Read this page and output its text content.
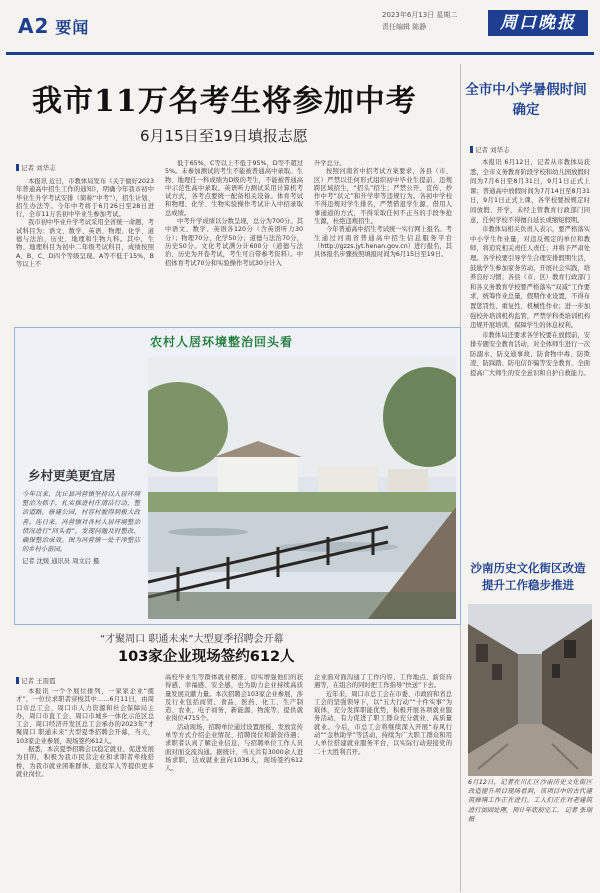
A2 要闻
2023年6月13日 星期二
责任编辑 陈静	周口晚报
我市11万名考生将参加中考
6月15日至19日填报志愿
记者 刘华志

本报讯 近日，市教体局发布《关于做好2023年普通高中招生工作的通知》，明确今年我市初中毕业生升学考试安排（简称“中考”），招生计划、招生办法等。今年中考将于6月26日至28日进行，全市11万名初中毕业生参加考试。

我市初中毕业升学考试采用全省统一命题，考试科目为：语文、数学、英语、物理、化学、道德与法治、历史、地理和生物九科。其中，生物、地理科目为初中二年级考试科目，成绩按照A、B、C、D四个等级呈现。A等不低于15%，B等以上不

低于65%，C等以上不低于95%，D等不超过5%。未参加测试的考生不能被普通高中录取。生物、地理任一科成绩为D级的考生，不能被普通高中示范性高中录取。英语听力测试采用计算机考试方式，各考点要统一配备相关设备。体育考试和物理、化学、生物实验操作考试计入中招录取总成绩。

中考升学成绩以分数呈现，总分为700分。其中语文、数学、英语各120分（含英语听力30分）；物理70分，化学50分；道德与法治70分，历史50分。文化考试满分计600分（道德与法治、历史为开卷考试，考生可自带参考资料）。中招体育考试70分和实验操作考试30分计入

升学总分。

按照河南省中招考试方案要求，各县（市、区）严禁以任何形式组织初中毕业生提前、违规跨区域招生，“招头”招生；严禁公开、宣传、炒作中考“状元”和升学率等违规行为。各初中学校不得违规对学生排名，严禁借退学生源、借用人事通道的方式，不得采取任何不正当的手段争抢生源，杜绝违规招生。

今年普通高中招生考试统一实行网上报名。考生通过河南省普通高中招生信息服务平台（http://gzzs.jyt.henan.gov.cn）进行报名，其具体报名步骤按照填报时间为6月15日至19日。

全市中小学暑假时间确定
记者 刘华志

本报讯 6月12日，记者从市教体局获悉，全市义务教育阶段学校和幼儿园放假时间为7月6日至8月31日，9月1日正式上课；普通高中放假时间为7月14日至8月31日，9月1日正式上课，各学校要按规定时间放假、开学，未经主管教育行政部门同意，任何学校不得擅自延长或缩短假期。

市教体局相关负责人表示，要严格落实中小学生作业量，对违反规定的单位和教师，将追究相关责任人责任；并将予严肃处理。各学校要引导学生合理安排假期生活，鼓励学生参加家务劳动，开展社会实践，培养良好习惯；各县（市、区）教育行政部门和各义务教育学校要严格落实“双减”工作要求，统筹作业总量，假期作业设置，不得布置惩罚性、重复性、机械性作业；进一步加强校外培训机构监管，严禁学科类培训机构违规开展培训，保障学生的休息权利。

市教体局还要求各学校要在放假前，安排专题安全教育活动，对全体师生进行一次防溺水、防交通事故、防食物中毒、防欺凌、防踩踏、防电信诈骗等安全教育，全面提高广大师生的安全意识和自护自救能力。

沙南历史文化街区改造提升工作稳步推进
6月12日，记者在川汇区沙南历史文化街区改造提升项目现场看到，该项目中的古代建筑修缮工作正在进行，工人们正在对老建筑进行加固处理，预计年底前完工。 记者 张瑞 摄
农村人居环境整治回头看
乡村更美更宜居
今年以来，沈丘县冯营镇坚持以人居环境整治为抓手，扎实推进村庄清洁行动，整治道路，修建公园，村容村貌得到极大改善。连日来，冯营镇对各村人居环境整治情况进行“回头看”，发现问题及时整改，确保整治成效。图为冯营镇一处干净整洁的乡村小游园。
记者 沈媛 通讯员 周文启 摄
“才聚周口 职通未来”大型夏季招聘会开幕
103家企业现场签约612人
记者 王震霞

本报讯 一个个展位排列，一家家企业“揽才”，一位位求职者穿梭其中……6月11日，由周口市总工会、周口市人力资源和社会保障局主办，周口市直工会、周口市城乡一体化示范区总工会、周口经济开发区总工会承办的2023年“才聚周口 职通未来”大型夏季招聘会开幕，当天，103家企业参展，现场签约612人。

据悉，本次夏季招聘会以稳定就业、促进发展为目的，积极为我市民营企业和求职者牵线搭桥，为我市就业困难群体、退役军人等提供更多就业岗位。

高校毕业生等群体就业精准、切实增强他们的获得感、幸福感、安全感，也为助力企业持续高质量发展贡献力量。本次招聘会103家企业参展，涉及行业包括商贸、食品、医药、化工、生产制造、农业、电子商务、新能源、物流等，提供就业岗位4715个。

活动现场，招聘单位通过设置展板、发放宣传单等方式介绍企业情况、招聘岗位和薪资待遇；求职者认真了解企业信息，与招聘单位工作人员面对面交流沟通。据统计，当天共有3000余人进场求职，达成就业意向1036人，现场签约612人。

企业面对面沟通了工作内容、工作地点、薪资待遇等，在组合的同时把工作指导“快送”下去。

近年来，周口市总工会在市委、市政府和省总工会的坚强领导下，以“五大行动”“十件实事”为载体，充分发挥职能优势，积极开展各项就业服务活动，有力促进了职工群众充分就业、高质量就业。今后，市总工会将继续深入开展“春风行动”“金秋助学”等活动，持续为广大职工群众和用人单位搭建就业服务平台，以实际行动迎接党的二十大胜利召开。
